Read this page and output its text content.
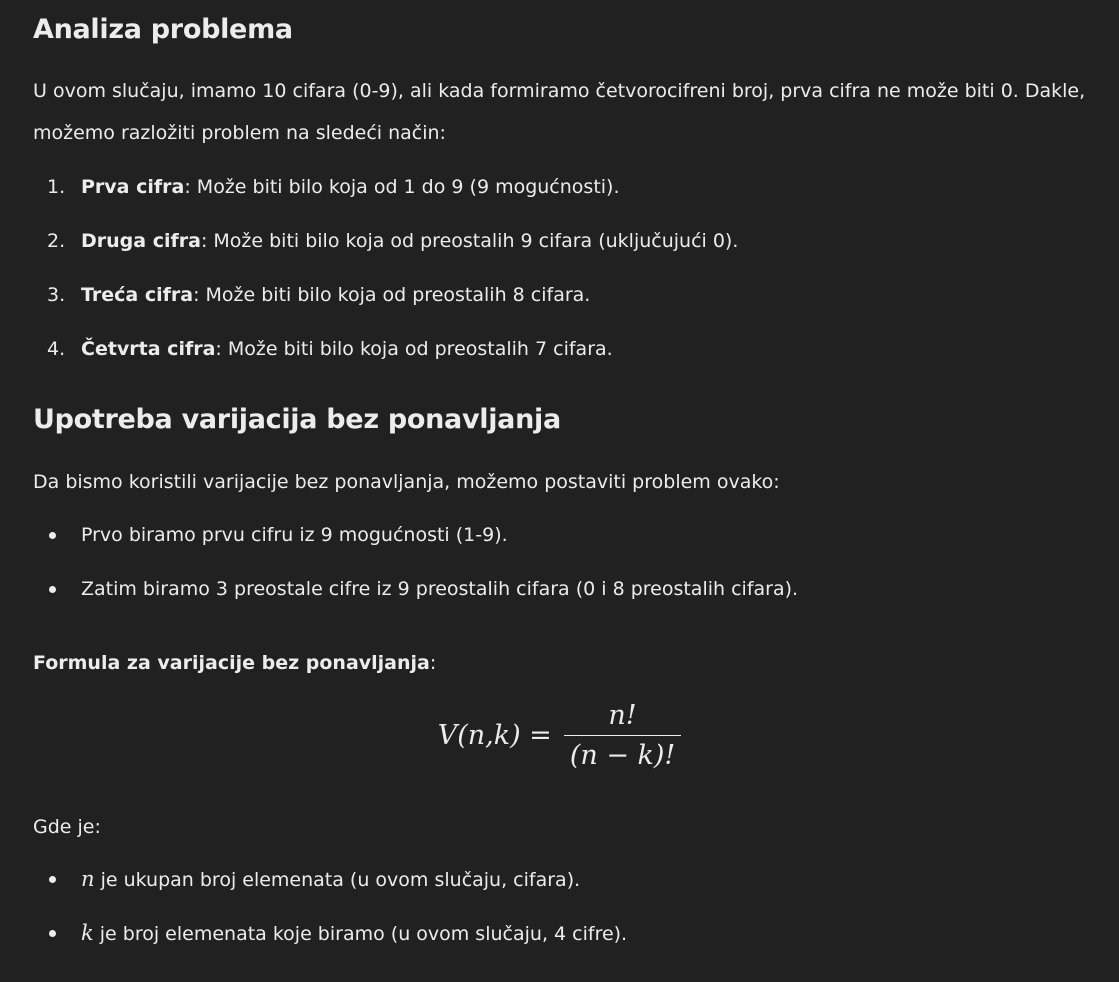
Analiza problema

U ovom slučaju, imamo 10 cifara (0-9), ali kada formiramo četvorocifreni broj, prva cifra ne može biti 0. Dakle, možemo razložiti problem na sledeći način:

1. Prva cifra: Može biti bilo koja od 1 do 9 (9 mogućnosti).
2. Druga cifra: Može biti bilo koja od preostalih 9 cifara (uključujući 0).
3. Treća cifra: Može biti bilo koja od preostalih 8 cifara.
4. Četvrta cifra: Može biti bilo koja od preostalih 7 cifara.
Upotreba varijacija bez ponavljanja

Da bismo koristili varijacije bez ponavljanja, možemo postaviti problem ovako:

Prvo biramo prvu cifru iz 9 mogućnosti (1-9).
Zatim biramo 3 preostale cifre iz 9 preostalih cifara (0 i 8 preostalih cifara).

Formula za varijacije bez ponavljanja:

$V(n,k) = \frac{n!}{(n - k)!}$

Gde je:

n je ukupan broj elemenata (u ovom slučaju, cifara).
k je broj elemenata koje biramo (u ovom slučaju, 4 cifre).
